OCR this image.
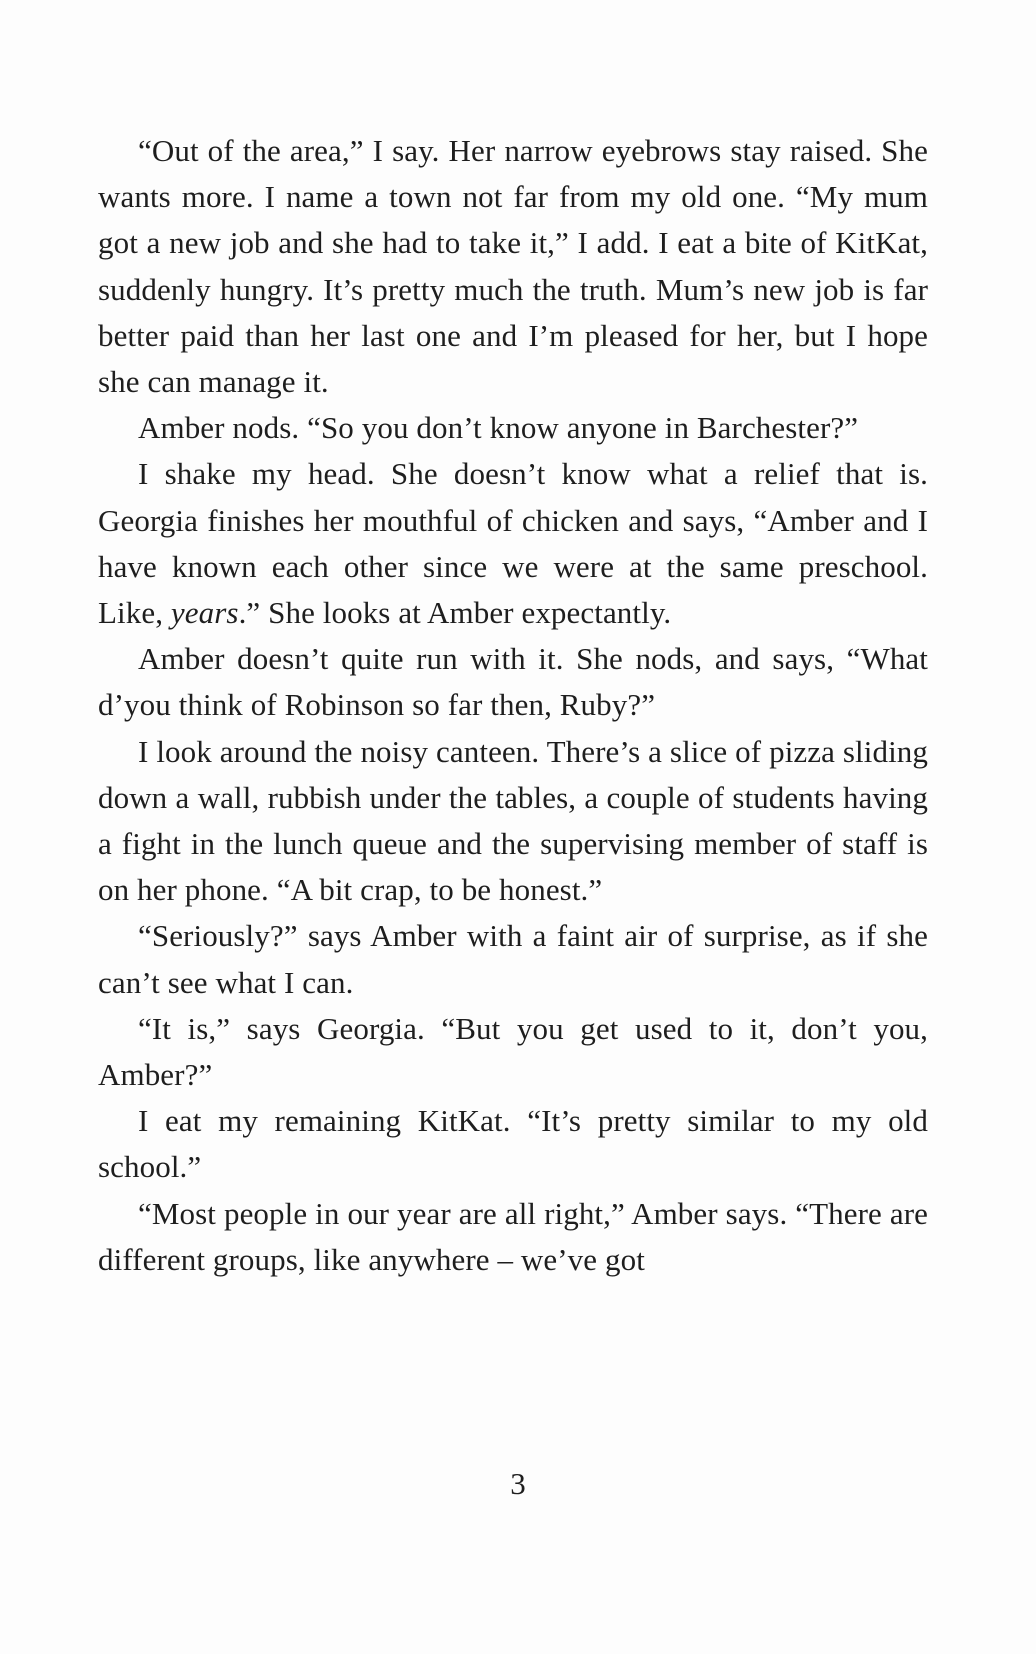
“Out of the area,” I say. Her narrow eyebrows stay raised. She wants more. I name a town not far from my old one. “My mum got a new job and she had to take it,” I add. I eat a bite of KitKat, suddenly hungry. It’s pretty much the truth. Mum’s new job is far better paid than her last one and I’m pleased for her, but I hope she can manage it.

Amber nods. “So you don’t know anyone in Barchester?”

I shake my head. She doesn’t know what a relief that is. Georgia finishes her mouthful of chicken and says, “Amber and I have known each other since we were at the same preschool. Like, years.” She looks at Amber expectantly.

Amber doesn’t quite run with it. She nods, and says, “What d’you think of Robinson so far then, Ruby?”

I look around the noisy canteen. There’s a slice of pizza sliding down a wall, rubbish under the tables, a couple of students having a fight in the lunch queue and the supervising member of staff is on her phone. “A bit crap, to be honest.”

“Seriously?” says Amber with a faint air of surprise, as if she can’t see what I can.

“It is,” says Georgia. “But you get used to it, don’t you, Amber?”

I eat my remaining KitKat. “It’s pretty similar to my old school.”

“Most people in our year are all right,” Amber says. “There are different groups, like anywhere – we’ve got

3
